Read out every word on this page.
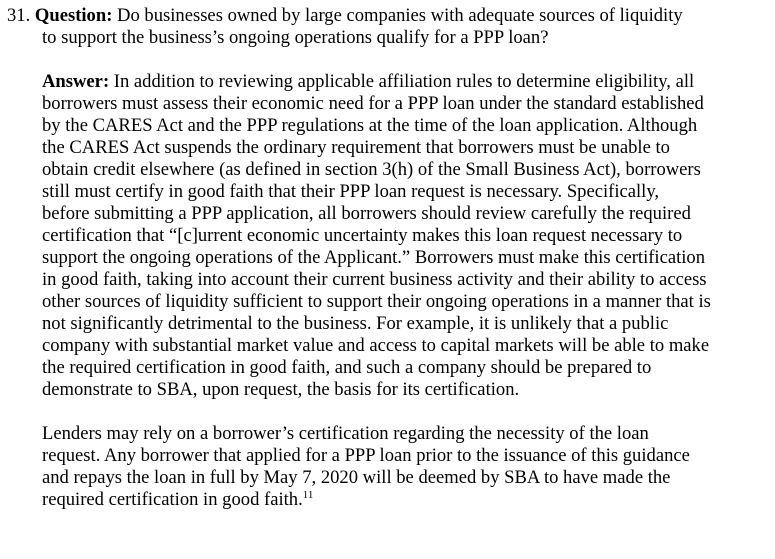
31. Question: Do businesses owned by large companies with adequate sources of liquidity
to support the business’s ongoing operations qualify for a PPP loan?
Answer: In addition to reviewing applicable affiliation rules to determine eligibility, all
borrowers must assess their economic need for a PPP loan under the standard established
by the CARES Act and the PPP regulations at the time of the loan application. Although
the CARES Act suspends the ordinary requirement that borrowers must be unable to
obtain credit elsewhere (as defined in section 3(h) of the Small Business Act), borrowers
still must certify in good faith that their PPP loan request is necessary. Specifically,
before submitting a PPP application, all borrowers should review carefully the required
certification that “[c]urrent economic uncertainty makes this loan request necessary to
support the ongoing operations of the Applicant.” Borrowers must make this certification
in good faith, taking into account their current business activity and their ability to access
other sources of liquidity sufficient to support their ongoing operations in a manner that is
not significantly detrimental to the business. For example, it is unlikely that a public
company with substantial market value and access to capital markets will be able to make
the required certification in good faith, and such a company should be prepared to
demonstrate to SBA, upon request, the basis for its certification.
Lenders may rely on a borrower’s certification regarding the necessity of the loan
request. Any borrower that applied for a PPP loan prior to the issuance of this guidance
and repays the loan in full by May 7, 2020 will be deemed by SBA to have made the
required certification in good faith.$^{11}$
